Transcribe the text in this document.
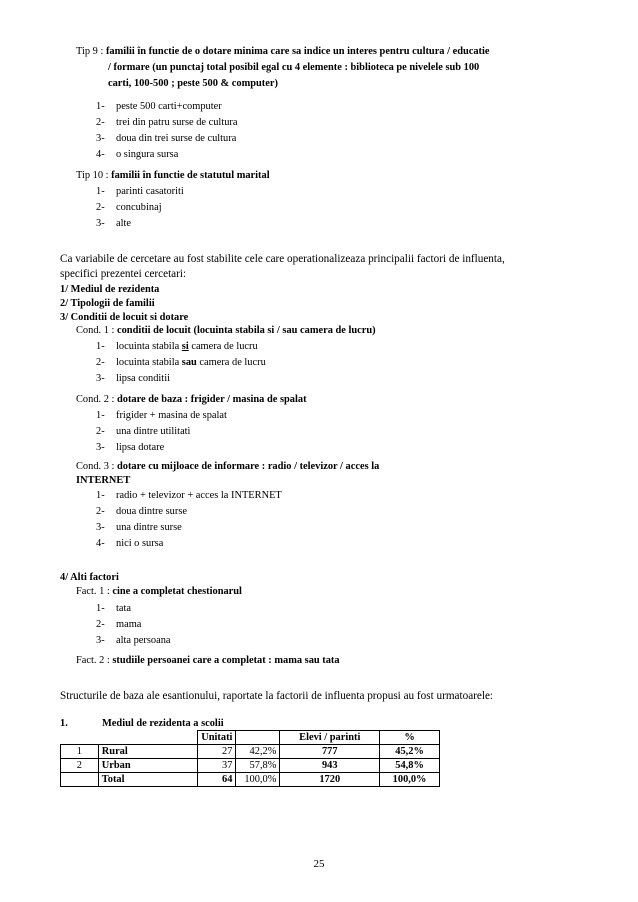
Tip 9 : familii în functie de o dotare minima care sa indice un interes pentru cultura / educatie
/ formare (un punctaj total posibil egal cu 4 elemente : biblioteca pe nivelele sub 100
carti, 100-500 ; peste 500 & computer)
1- peste 500 carti+computer
2- trei din patru surse de cultura
3- doua din trei surse de cultura
4- o singura sursa
Tip 10 : familii în functie de statutul marital
1- parinti casatoriti
2- concubinaj
3- alte
Ca variabile de cercetare au fost stabilite cele care operationalizeaza principalii factori de influenta,
specifici prezentei cercetari:
1/ Mediul de rezidenta
2/ Tipologii de familii
3/ Conditii de locuit si dotare
Cond. 1 : conditii de locuit (locuinta stabila si / sau camera de lucru)
1- locuinta stabila si camera de lucru
2- locuinta stabila sau camera de lucru
3- lipsa conditii
Cond. 2 : dotare de baza : frigider / masina de spalat
1- frigider + masina de spalat
2- una dintre utilitati
3- lipsa dotare
Cond. 3 : dotare cu mijloace de informare : radio / televizor / acces la
INTERNET
1- radio + televizor + acces la INTERNET
2- doua dintre surse
3- una dintre surse
4- nici o sursa
4/ Alti factori
Fact. 1 : cine a completat chestionarul
1- tata
2- mama
3- alta persoana
Fact. 2 : studiile persoanei care a completat : mama sau tata
Structurile de baza ale esantionului, raportate la factorii de influenta propusi au fost urmatoarele:
1.	Mediul de rezidenta a scolii
		Unitati		Elevi / parinti	%
1	Rural	27	42,2%	777	45,2%
2	Urban	37	57,8%	943	54,8%
	Total	64	100,0%	1720	100,0%
25
